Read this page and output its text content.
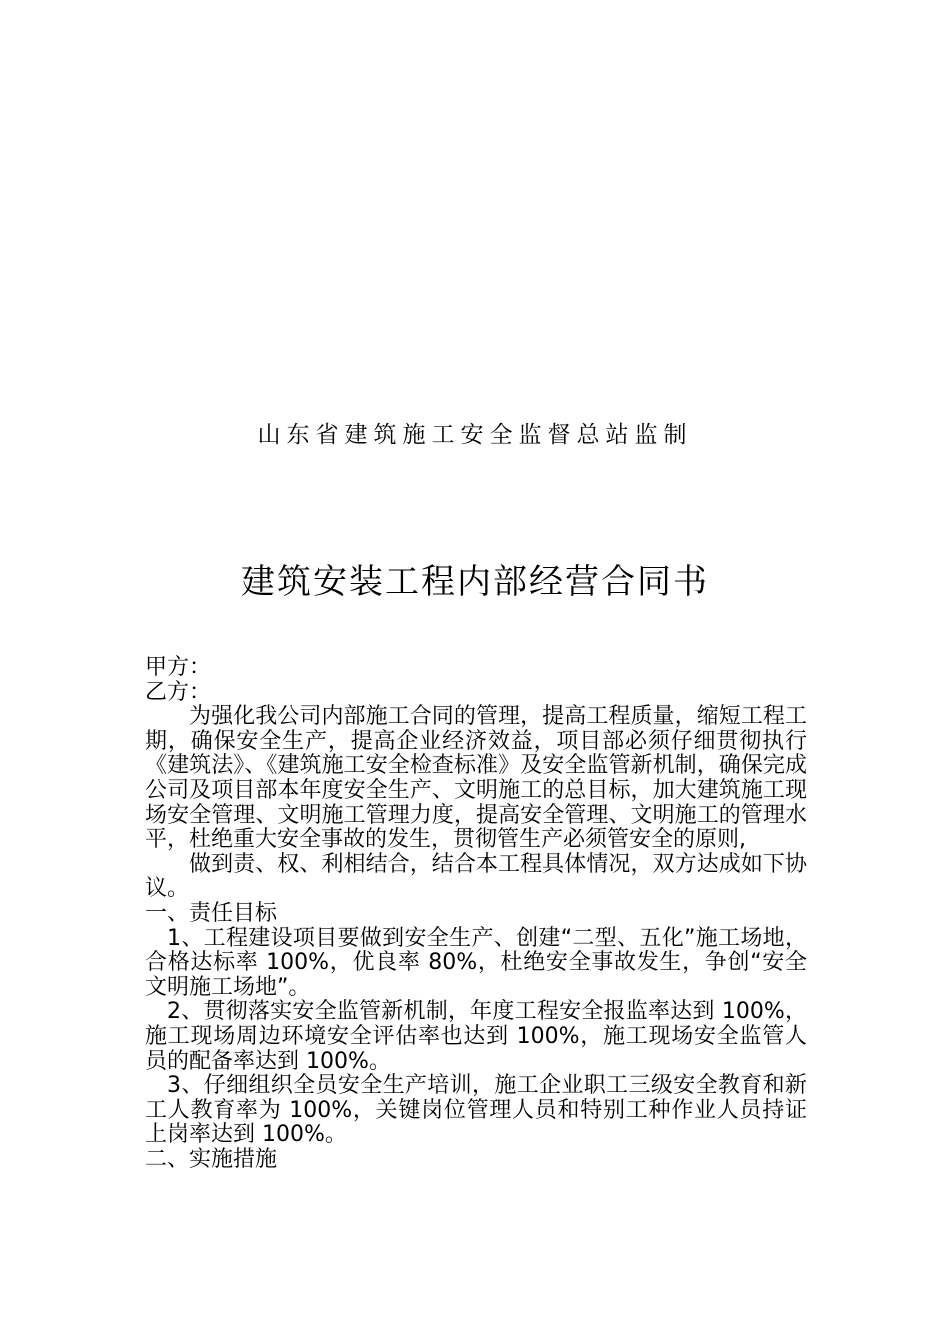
山东省建筑施工安全监督总站监制
建筑安装工程内部经营合同书

甲方：

乙方：

为强化我公司内部施工合同的管理，提高工程质量，缩短工程工期，确保安全生产，提高企业经济效益，项目部必须仔细贯彻执行《建筑法》、《建筑施工安全检查标准》及安全监管新机制，确保完成公司及项目部本年度安全生产、文明施工的总目标，加大建筑施工现场安全管理、文明施工管理力度，提高安全管理、文明施工的管理水平，杜绝重大安全事故的发生，贯彻管生产必须管安全的原则,

做到责、权、利相结合，结合本工程具体情况，双方达成如下协议。

一、责任目标

1、工程建设项目要做到安全生产、创建“二型、五化”施工场地，合格达标率 100%，优良率 80%，杜绝安全事故发生，争创“安全文明施工场地”。

2、贯彻落实安全监管新机制，年度工程安全报监率达到 100%，施工现场周边环境安全评估率也达到 100%，施工现场安全监管人员的配备率达到 100%。

3、仔细组织全员安全生产培训，施工企业职工三级安全教育和新工人教育率为 100%，关键岗位管理人员和特别工种作业人员持证上岗率达到 100%。

二、实施措施
